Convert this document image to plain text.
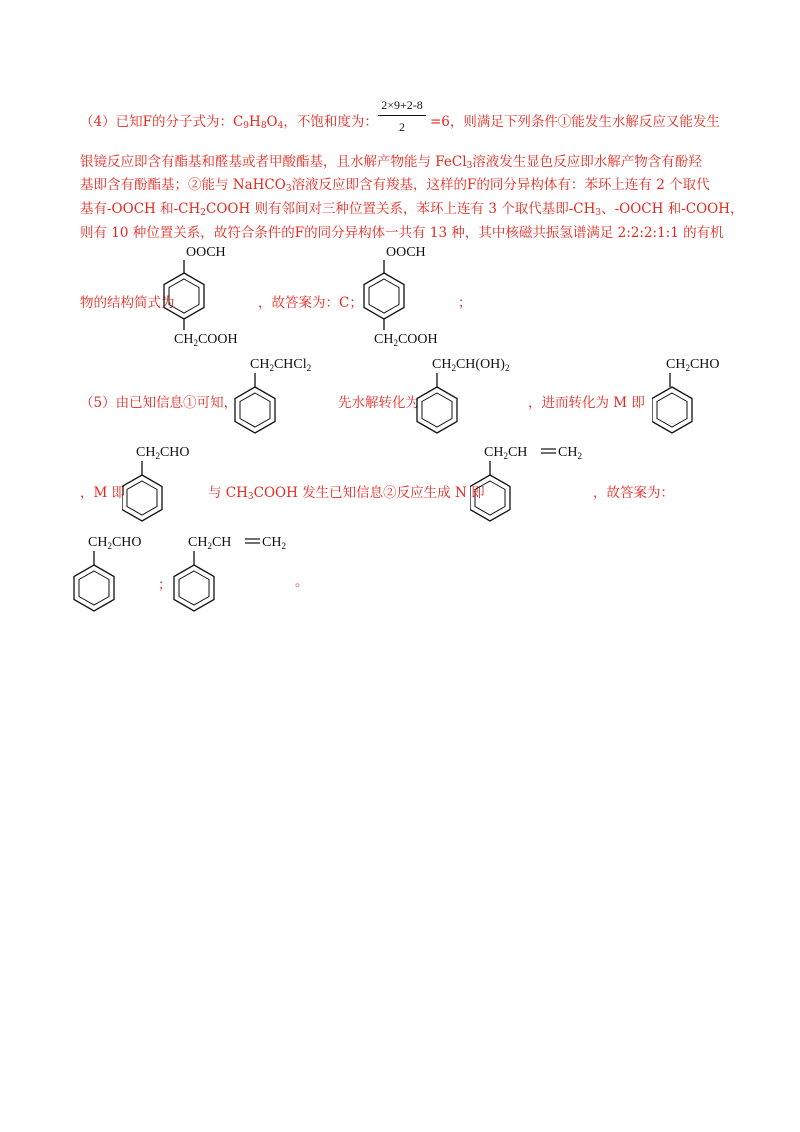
（4）已知F的分子式为：$C_9H_8O_4$，不饱和度为： $\frac{2\times 9+2-8}{2} =6$，则满足下列条件①能发生水解反应又能发生
银镜反应即含有酯基和醛基或者甲酸酯基，且水解产物能与 FeCl$_3$溶液发生显色反应即水解产物含有酚羟
基即含有酚酯基；②能与 NaHCO$_3$溶液反应即含有羧基，这样的F的同分异构体有：苯环上连有 2 个取代
基有-OOCH 和$-CH_2COOH$ 则有邻间对三种位置关系，苯环上连有 3 个取代基即$-CH_3$、-OOCH 和-COOH，
则有 10 种位置关系，故符合条件的F的同分异构体一共有 13 种，其中核磁共振氢谱满足 2:2:2:1:1 的有机
物的结构简式为	，故答案为：C；	；
OOCH
$CH_2COOH$
OOCH
$CH_2COOH$
（5）由已知信息①可知，
$CH_2CHCl_2$
先水解转化为
$CH_2CH(OH)_2$
，进而转化为 M 即
$CH_2CHO$
，M 即
$CH_2CHO$
与 $CH_3COOH$ 发生已知信息②反应生成 N 即
$CH_2CH$ $CH_2$
，故答案为：
$CH_2CHO$
；
$CH_2CH$ $CH_2$
。
